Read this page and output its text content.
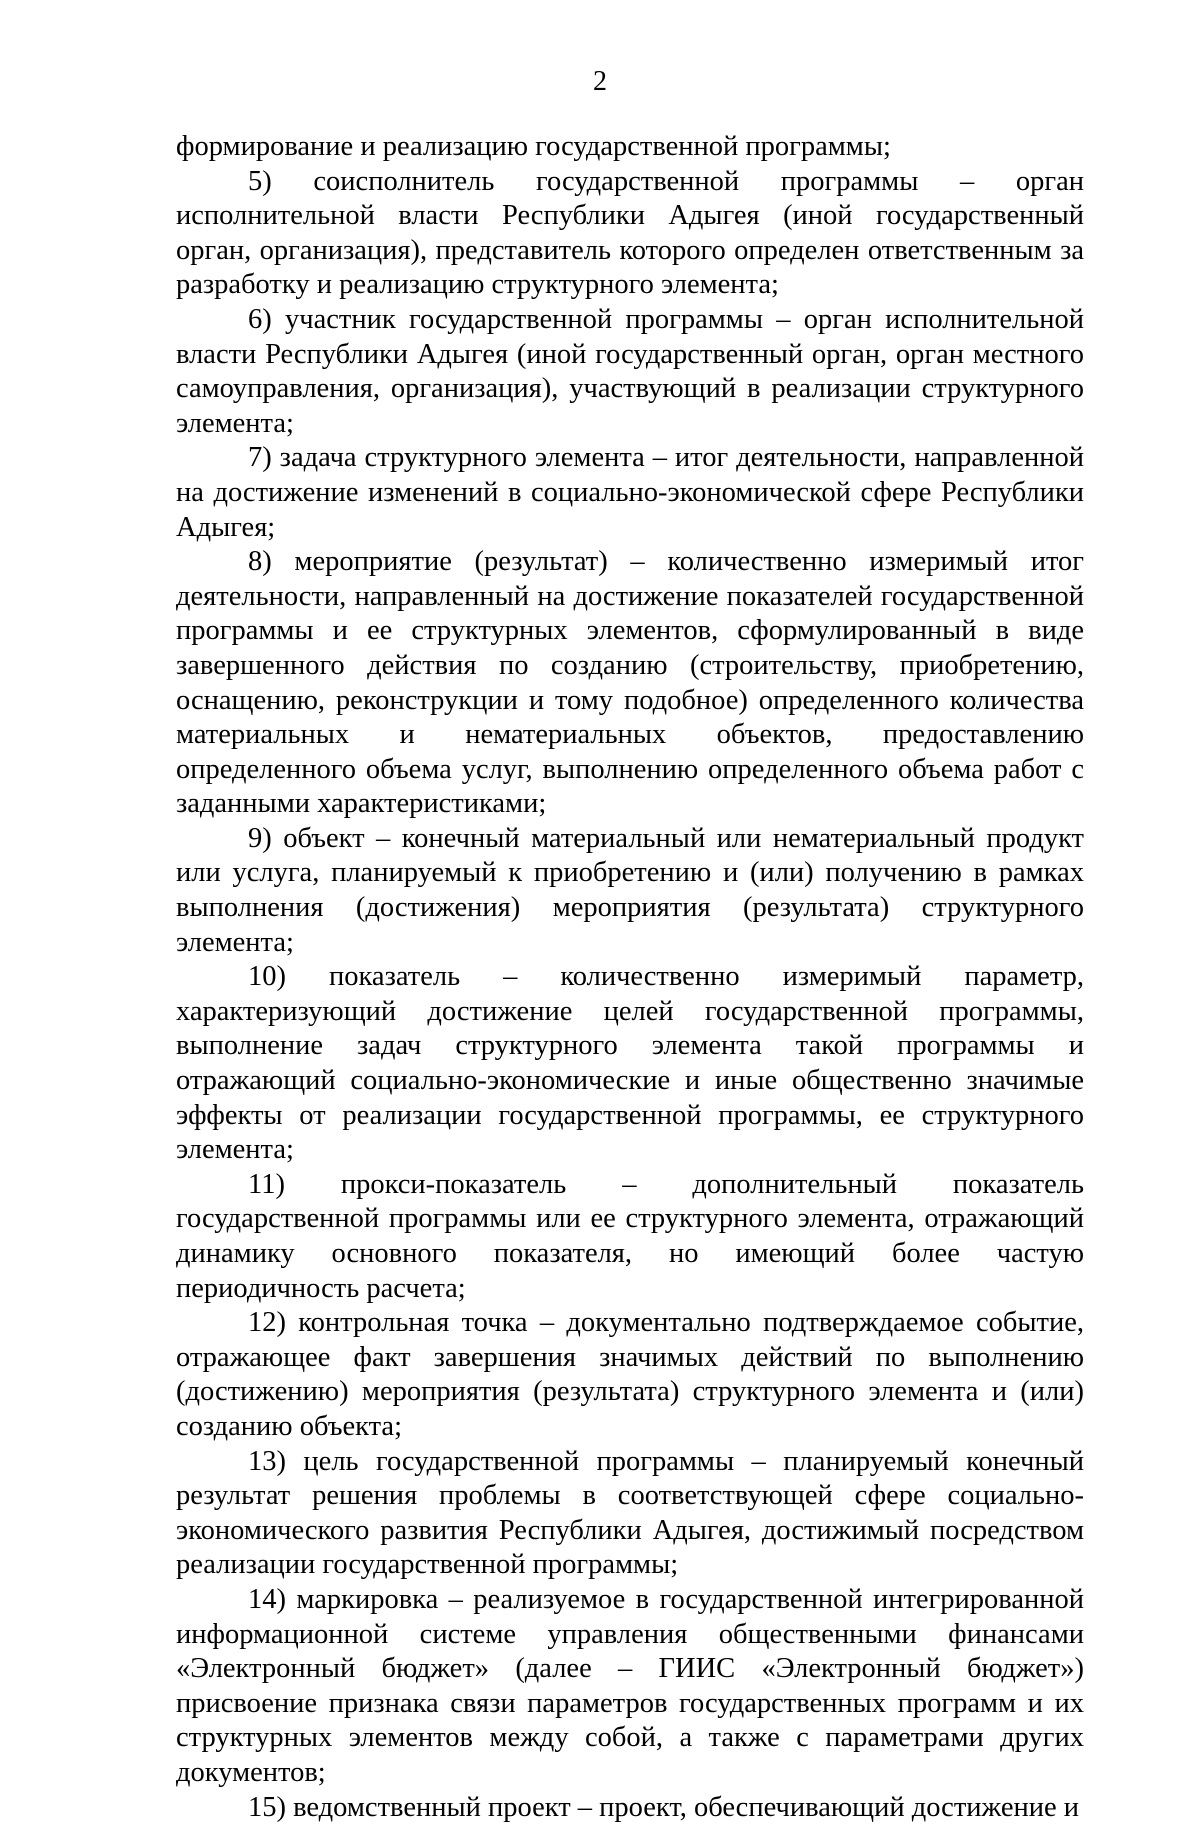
2

формирование и реализацию государственной программы;

5) соисполнитель государственной программы – орган исполнительной власти Республики Адыгея (иной государственный орган, организация), представитель которого определен ответственным за разработку и реализацию структурного элемента;

6) участник государственной программы – орган исполнительной власти Республики Адыгея (иной государственный орган, орган местного самоуправления, организация), участвующий в реализации структурного элемента;

7) задача структурного элемента – итог деятельности, направленной на достижение изменений в социально-экономической сфере Республики Адыгея;

8) мероприятие (результат) – количественно измеримый итог деятельности, направленный на достижение показателей государственной программы и ее структурных элементов, сформулированный в виде завершенного действия по созданию (строительству, приобретению, оснащению, реконструкции и тому подобное) определенного количества материальных и нематериальных объектов, предоставлению определенного объема услуг, выполнению определенного объема работ с заданными характеристиками;

9) объект – конечный материальный или нематериальный продукт или услуга, планируемый к приобретению и (или) получению в рамках выполнения (достижения) мероприятия (результата) структурного элемента;

10) показатель – количественно измеримый параметр, характеризующий достижение целей государственной программы, выполнение задач структурного элемента такой программы и отражающий социально-экономические и иные общественно значимые эффекты от реализации государственной программы, ее структурного элемента;

11) прокси-показатель – дополнительный показатель государственной программы или ее структурного элемента, отражающий динамику основного показателя, но имеющий более частую периодичность расчета;

12) контрольная точка – документально подтверждаемое событие, отражающее факт завершения значимых действий по выполнению (достижению) мероприятия (результата) структурного элемента и (или) созданию объекта;

13) цель государственной программы – планируемый конечный результат решения проблемы в соответствующей сфере социально-экономического развития Республики Адыгея, достижимый посредством реализации государственной программы;

14) маркировка – реализуемое в государственной интегрированной информационной системе управления общественными финансами «Электронный бюджет» (далее – ГИИС «Электронный бюджет») присвоение признака связи параметров государственных программ и их структурных элементов между собой, а также с параметрами других документов;

15) ведомственный проект – проект, обеспечивающий достижение и
